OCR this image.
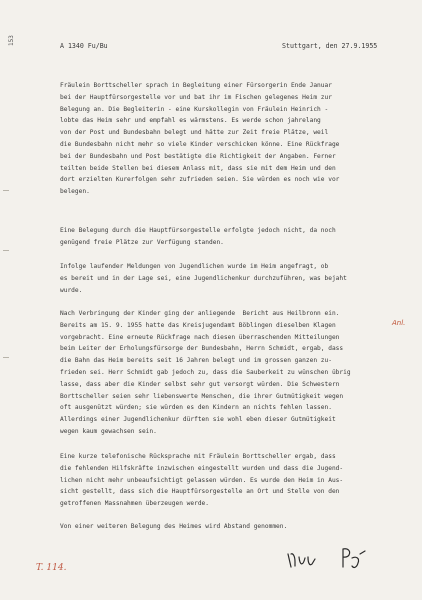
153	A 1340 Fu/Bu	Stuttgart, den 27.9.1955
Fräulein Borttscheller sprach in Begleitung einer Fürsorgerin Ende Januar
bei der Hauptfürsorgestelle vor und bat ihr im Fischen gelegenes Heim zur
Belegung an. Die Begleiterin - eine Kurskollegin von Fräulein Heinrich -
lobte das Heim sehr und empfahl es wärmstens. Es werde schon jahrelang
von der Post und Bundesbahn belegt und hätte zur Zeit freie Plätze, weil
die Bundesbahn nicht mehr so viele Kinder verschicken könne. Eine Rückfrage
bei der Bundesbahn und Post bestätigte die Richtigkeit der Angaben. Ferner
teilten beide Stellen bei diesem Anlass mit, dass sie mit dem Heim und den
dort erzielten Kurerfolgen sehr zufrieden seien. Sie würden es noch wie vor
belegen.
Eine Belegung durch die Hauptfürsorgestelle erfolgte jedoch nicht, da noch
genügend freie Plätze zur Verfügung standen.
Infolge laufender Meldungen von Jugendlichen wurde im Heim angefragt, ob
es bereit und in der Lage sei, eine Jugendlichenkur durchzuführen, was bejaht
wurde.
Nach Verbringung der Kinder ging der anliegende  Bericht aus Heilbronn ein.
Bereits am 15. 9. 1955 hatte das Kreisjugendamt Böblingen dieselben Klagen
vorgebracht. Eine erneute Rückfrage nach diesen überraschenden Mitteilungen
beim Leiter der Erholungsfürsorge der Bundesbahn, Herrn Schmidt, ergab, dass
die Bahn das Heim bereits seit 16 Jahren belegt und im grossen ganzen zu-
frieden sei. Herr Schmidt gab jedoch zu, dass die Sauberkeit zu wünschen übrig
lasse, dass aber die Kinder selbst sehr gut versorgt würden. Die Schwestern
Borttscheller seien sehr liebenswerte Menschen, die ihrer Gutmütigkeit wegen
oft ausgenützt würden; sie würden es den Kindern an nichts fehlen lassen.
Allerdings einer Jugendlichenkur dürften sie wohl eben dieser Gutmütigkeit
wegen kaum gewachsen sein.
Eine kurze telefonische Rücksprache mit Fräulein Borttscheller ergab, dass
die fehlenden Hilfskräfte inzwischen eingestellt wurden und dass die Jugend-
lichen nicht mehr unbeaufsichtigt gelassen würden. Es wurde den Heim in Aus-
sicht gestellt, dass sich die Hauptfürsorgestelle an Ort und Stelle von den
getroffenen Massnahmen überzeugen werde.
Von einer weiteren Belegung des Heimes wird Abstand genommen.
Anl.
T. 114.
